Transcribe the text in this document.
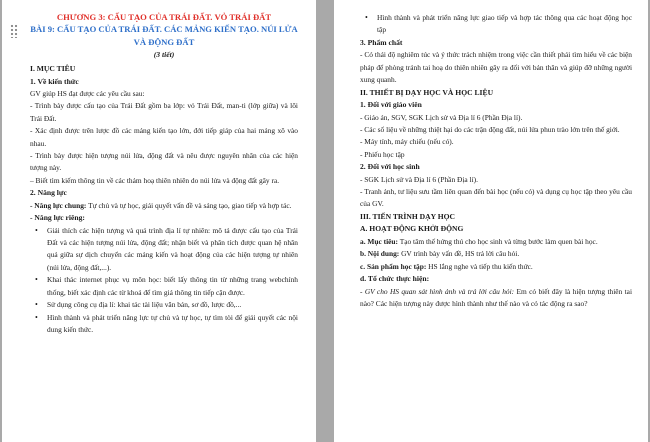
CHƯƠNG 3: CẤU TẠO CỦA TRÁI ĐẤT. VỎ TRÁI ĐẤT

BÀI 9: CẤU TẠO CỦA TRÁI ĐẤT. CÁC MẢNG KIẾN TẠO. NÚI LỬA VÀ ĐỘNG ĐẤT

(3 tiết)

I. MỤC TIÊU

1. Về kiến thức

GV giúp HS đạt được các yêu cầu sau:

- Trình bày được cấu tạo của Trái Đất gồm ba lớp: vỏ Trái Đất, man-ti (lớp giữa) và lõi Trái Đất.

- Xác định được trên lược đồ các mảng kiến tạo lớn, đới tiếp giáp của hai mảng xô vào nhau.

- Trình bày được hiện tượng núi lửa, động đất và nêu được nguyên nhân của các hiện tượng này.

– Biết tìm kiếm thông tin về các thảm hoạ thiên nhiên do núi lửa và động đất gây ra.

2. Năng lực

- Năng lực chung: Tự chủ và tự học, giải quyết vấn đề và sáng tạo, giao tiếp và hợp tác.

- Năng lực riêng:

• Giải thích các hiện tượng và quá trình địa lí tự nhiên: mô tả được cấu tạo của Trái Đất và các hiện tượng núi lửa, động đất; nhận biết và phân tích được quan hệ nhân quả giữa sự dịch chuyển các mảng kiến và hoạt động của các hiện tượng tự nhiên (núi lửa, động đất,...).
• Khai thác internet phục vụ môn học: biết lấy thông tin từ những trang webchính thống, biết xác định các từ khoá để tìm giá thông tin tiếp cận được.
• Sử dụng công cụ địa lí: khai tác tài liệu văn bản, sơ đồ, lược đồ,...
• Hình thành và phát triển năng lực tự chủ và tự học, tự tìm tòi để giải quyết các nội dung kiến thức.
• Hình thành và phát triển năng lực giao tiếp và hợp tác thông qua các hoạt động học tập

3. Phẩm chất

- Có thái độ nghiêm túc và ý thức trách nhiệm trong việc cần thiết phải tìm hiểu về các biện pháp để phòng tránh tai hoạ do thiên nhiên gây ra đối với bản thân và giúp đỡ những người xung quanh.

II. THIẾT BỊ DẠY HỌC VÀ HỌC LIỆU

1. Đối với giáo viên

- Giáo án, SGV, SGK Lịch sử và Địa lí 6 (Phần Địa lí).

- Các số liệu về những thiệt hại do các trận động đất, núi lửa phun trào lớn trên thế giới.

- Máy tính, máy chiếu (nếu có).

- Phiếu học tập

2. Đối với học sinh

- SGK Lịch sử và Địa lí 6 (Phần Địa lí).

- Tranh ảnh, tư liệu sưu tầm liên quan đến bài học (nếu có) và dụng cụ học tập theo yêu cầu của GV.

III. TIẾN TRÌNH DẠY HỌC

A. HOẠT ĐỘNG KHỞI ĐỘNG

a. Mục tiêu: Tạo tâm thế hứng thú cho học sinh và từng bước làm quen bài học.

b. Nội dung: GV trình bày vấn đề, HS trả lời câu hỏi.

c. Sản phẩm học tập: HS lắng nghe và tiếp thu kiến thức.

d. Tổ chức thực hiện:

- GV cho HS quan sát hình ảnh và trả lời câu hỏi: Em có biết đây là hiện tượng thiên tai nào? Các hiện tượng này được hình thành như thế nào và có tác động ra sao?
